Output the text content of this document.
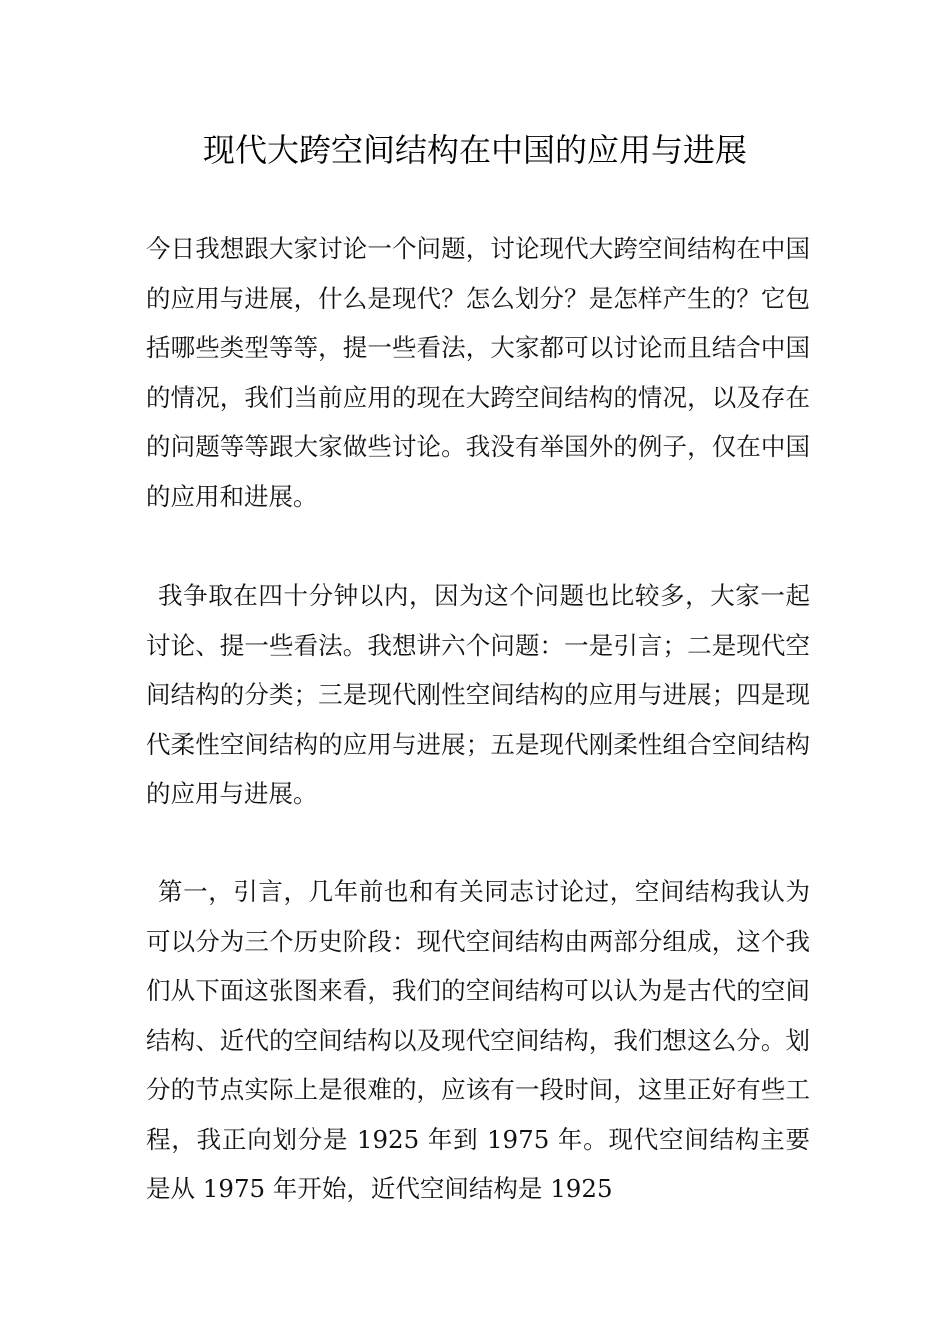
现代大跨空间结构在中国的应用与进展

今日我想跟大家讨论一个问题，讨论现代大跨空间结构在中国的应用与进展，什么是现代？怎么划分？是怎样产生的？它包括哪些类型等等，提一些看法，大家都可以讨论而且结合中国的情况，我们当前应用的现在大跨空间结构的情况，以及存在的问题等等跟大家做些讨论。我没有举国外的例子，仅在中国的应用和进展。

我争取在四十分钟以内，因为这个问题也比较多，大家一起讨论、提一些看法。我想讲六个问题：一是引言；二是现代空间结构的分类；三是现代刚性空间结构的应用与进展；四是现代柔性空间结构的应用与进展；五是现代刚柔性组合空间结构的应用与进展。

第一，引言，几年前也和有关同志讨论过，空间结构我认为可以分为三个历史阶段：现代空间结构由两部分组成，这个我们从下面这张图来看，我们的空间结构可以认为是古代的空间结构、近代的空间结构以及现代空间结构，我们想这么分。划分的节点实际上是很难的，应该有一段时间，这里正好有些工程，我正向划分是 1925 年到 1975 年。现代空间结构主要是从 1975 年开始，近代空间结构是 1925
